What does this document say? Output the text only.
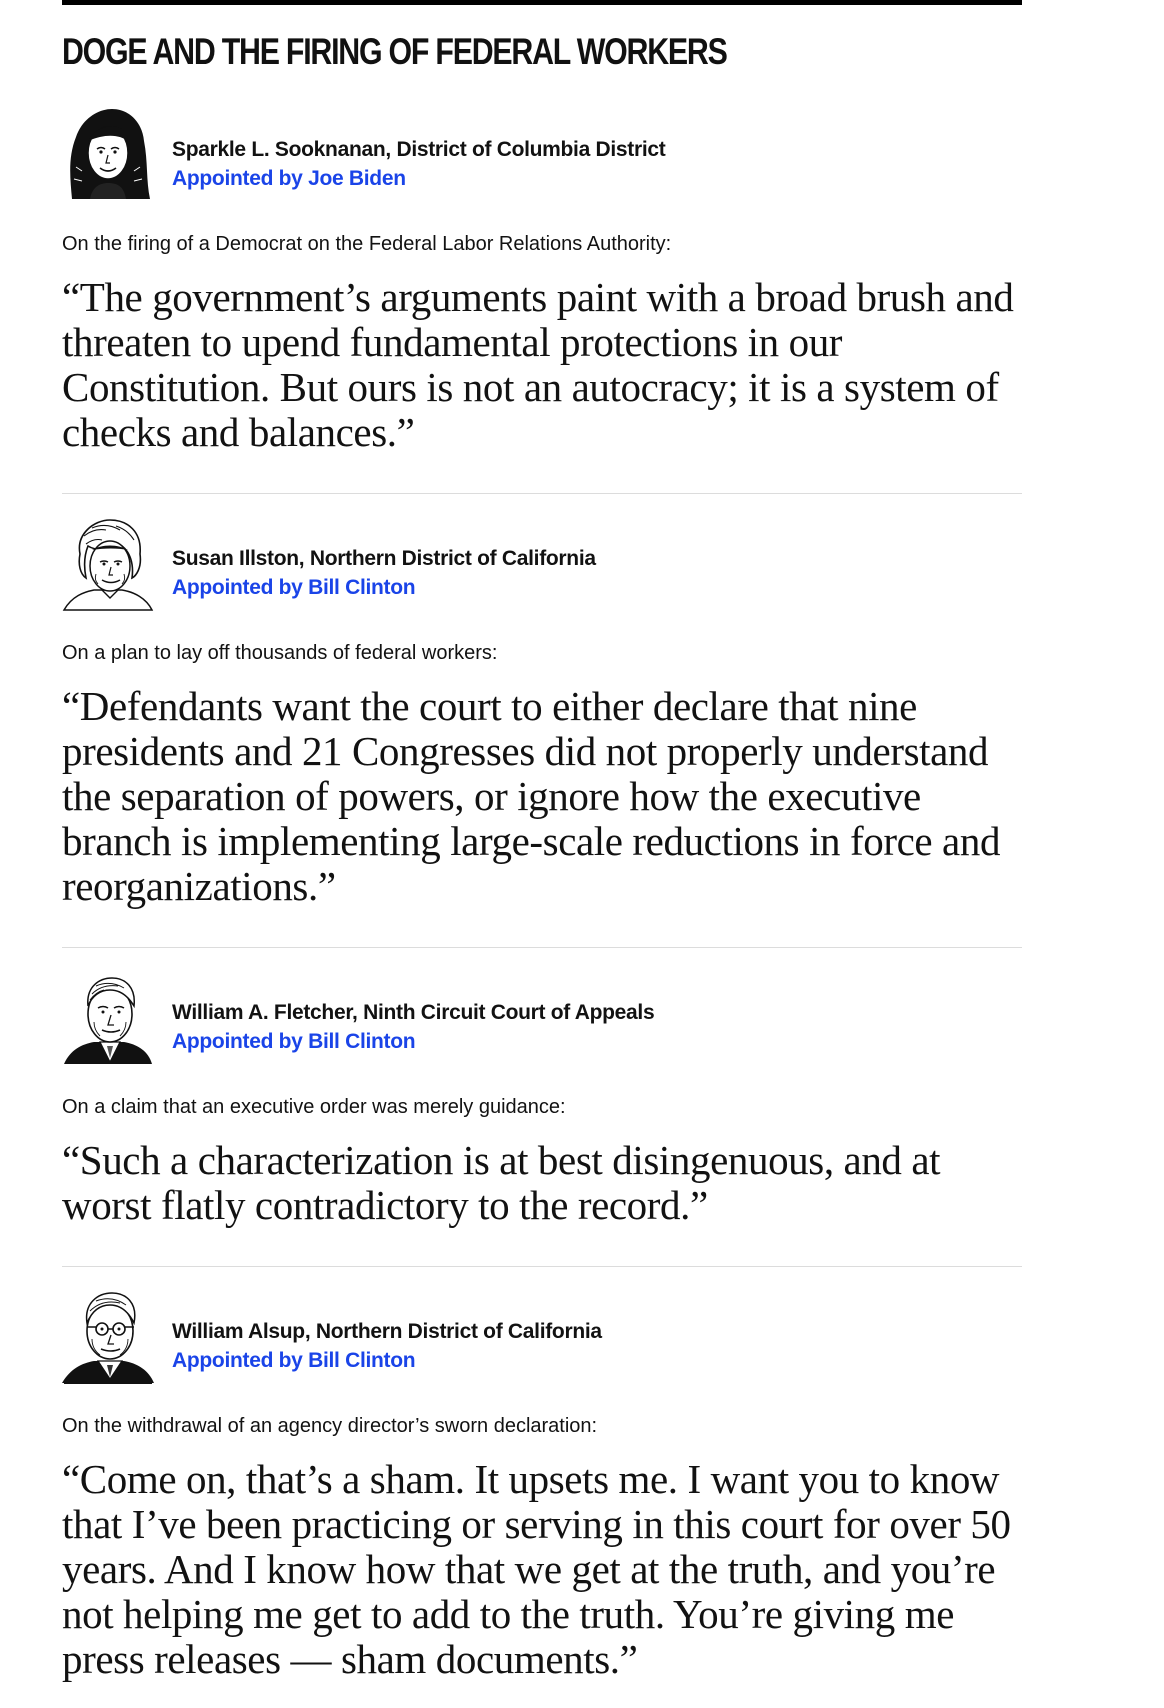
DOGE AND THE FIRING OF FEDERAL WORKERS
Sparkle L. Sooknanan, District of Columbia District
Appointed by Joe Biden
On the firing of a Democrat on the Federal Labor Relations Authority:
“The government’s arguments paint with a broad brush and threaten to upend fundamental protections in our Constitution. But ours is not an autocracy; it is a system of checks and balances.”
Susan Illston, Northern District of California
Appointed by Bill Clinton
On a plan to lay off thousands of federal workers:
“Defendants want the court to either declare that nine presidents and 21 Congresses did not properly understand the separation of powers, or ignore how the executive branch is implementing large-scale reductions in force and reorganizations.”
William A. Fletcher, Ninth Circuit Court of Appeals
Appointed by Bill Clinton
On a claim that an executive order was merely guidance:
“Such a characterization is at best disingenuous, and at worst flatly contradictory to the record.”
William Alsup, Northern District of California
Appointed by Bill Clinton
On the withdrawal of an agency director’s sworn declaration:
“Come on, that’s a sham. It upsets me. I want you to know that I’ve been practicing or serving in this court for over 50 years. And I know how that we get at the truth, and you’re not helping me get to add to the truth. You’re giving me press releases — sham documents.”
